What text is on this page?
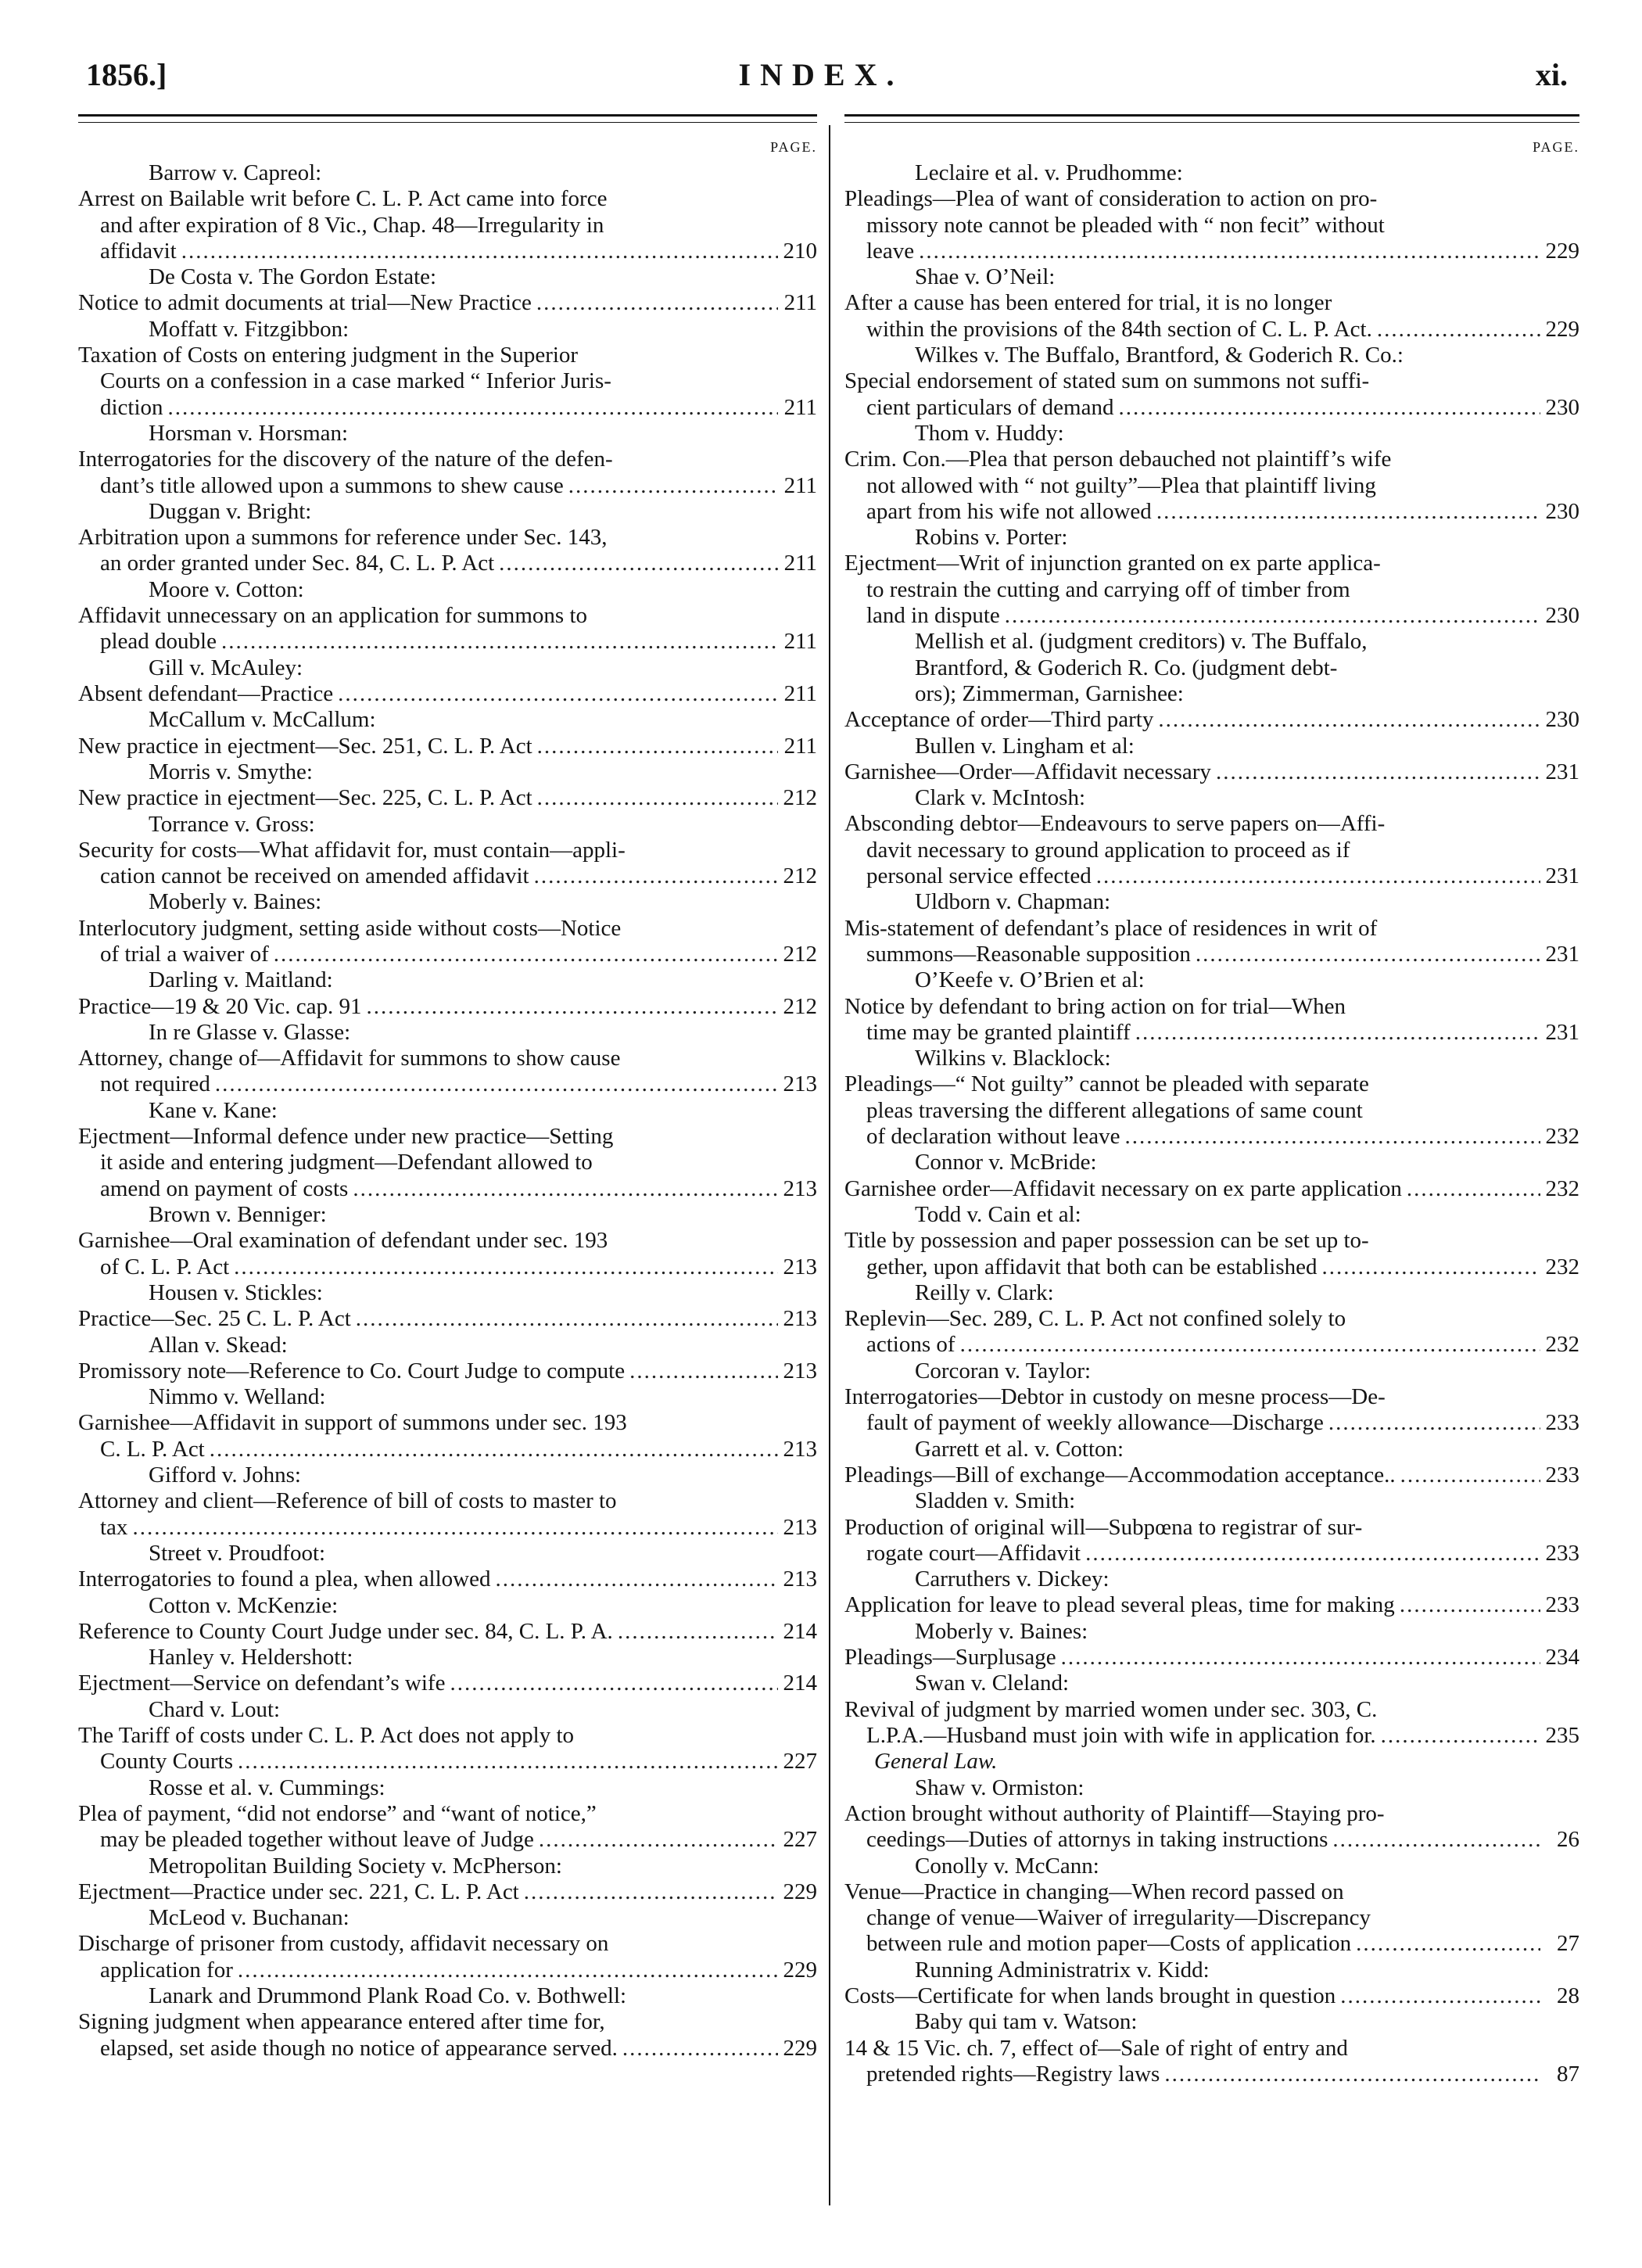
1856.]	INDEX.	xi.
PAGE.
Barrow v. Capreol:
Arrest on Bailable writ before C. L. P. Act came into force
and after expiration of 8 Vic., Chap. 48—Irregularity in
affidavit .....	210
De Costa v. The Gordon Estate:
Notice to admit documents at trial—New Practice .....	211
Moffatt v. Fitzgibbon:
Taxation of Costs on entering judgment in the Superior
Courts on a confession in a case marked “ Inferior Juris-
diction .....	211
Horsman v. Horsman:
Interrogatories for the discovery of the nature of the defen-
dant’s title allowed upon a summons to shew cause .....	211
Duggan v. Bright:
Arbitration upon a summons for reference under Sec. 143,
an order granted under Sec. 84, C. L. P. Act .....	211
Moore v. Cotton:
Affidavit unnecessary on an application for summons to
plead double .....	211
Gill v. McAuley:
Absent defendant—Practice .....	211
McCallum v. McCallum:
New practice in ejectment—Sec. 251, C. L. P. Act .....	211
Morris v. Smythe:
New practice in ejectment—Sec. 225, C. L. P. Act .....	212
Torrance v. Gross:
Security for costs—What affidavit for, must contain—appli-
cation cannot be received on amended affidavit .....	212
Moberly v. Baines:
Interlocutory judgment, setting aside without costs—Notice
of trial a waiver of .....	212
Darling v. Maitland:
Practice—19 & 20 Vic. cap. 91 .....	212
In re Glasse v. Glasse:
Attorney, change of—Affidavit for summons to show cause
not required .....	213
Kane v. Kane:
Ejectment—Informal defence under new practice—Setting
it aside and entering judgment—Defendant allowed to
amend on payment of costs .....	213
Brown v. Benniger:
Garnishee—Oral examination of defendant under sec. 193
of C. L. P. Act .....	213
Housen v. Stickles:
Practice—Sec. 25 C. L. P. Act .....	213
Allan v. Skead:
Promissory note—Reference to Co. Court Judge to compute .....	213
Nimmo v. Welland:
Garnishee—Affidavit in support of summons under sec. 193
C. L. P. Act .....	213
Gifford v. Johns:
Attorney and client—Reference of bill of costs to master to
tax .....	213
Street v. Proudfoot:
Interrogatories to found a plea, when allowed .....	213
Cotton v. McKenzie:
Reference to County Court Judge under sec. 84, C. L. P. A. .....	214
Hanley v. Heldershott:
Ejectment—Service on defendant’s wife .....	214
Chard v. Lout:
The Tariff of costs under C. L. P. Act does not apply to
County Courts .....	227
Rosse et al. v. Cummings:
Plea of payment, “did not endorse” and “want of notice,”
may be pleaded together without leave of Judge .....	227
Metropolitan Building Society v. McPherson:
Ejectment—Practice under sec. 221, C. L. P. Act .....	229
McLeod v. Buchanan:
Discharge of prisoner from custody, affidavit necessary on
application for .....	229
Lanark and Drummond Plank Road Co. v. Bothwell:
Signing judgment when appearance entered after time for,
elapsed, set aside though no notice of appearance served. .....	229
PAGE.
Leclaire et al. v. Prudhomme:
Pleadings—Plea of want of consideration to action on pro-
missory note cannot be pleaded with “ non fecit” without
leave .....	229
Shae v. O’Neil:
After a cause has been entered for trial, it is no longer
within the provisions of the 84th section of C. L. P. Act. .....	229
Wilkes v. The Buffalo, Brantford, & Goderich R. Co.:
Special endorsement of stated sum on summons not suffi-
cient particulars of demand .....	230
Thom v. Huddy:
Crim. Con.—Plea that person debauched not plaintiff’s wife
not allowed with “ not guilty”—Plea that plaintiff living
apart from his wife not allowed .....	230
Robins v. Porter:
Ejectment—Writ of injunction granted on ex parte applica-
to restrain the cutting and carrying off of timber from
land in dispute .....	230
Mellish et al. (judgment creditors) v. The Buffalo,
Brantford, & Goderich R. Co. (judgment debt-
ors); Zimmerman, Garnishee:
Acceptance of order—Third party .....	230
Bullen v. Lingham et al:
Garnishee—Order—Affidavit necessary .....	231
Clark v. McIntosh:
Absconding debtor—Endeavours to serve papers on—Affi-
davit necessary to ground application to proceed as if
personal service effected .....	231
Uldborn v. Chapman:
Mis-statement of defendant’s place of residences in writ of
summons—Reasonable supposition .....	231
O’Keefe v. O’Brien et al:
Notice by defendant to bring action on for trial—When
time may be granted plaintiff .....	231
Wilkins v. Blacklock:
Pleadings—“ Not guilty” cannot be pleaded with separate
pleas traversing the different allegations of same count
of declaration without leave .....	232
Connor v. McBride:
Garnishee order—Affidavit necessary on ex parte application .....	232
Todd v. Cain et al:
Title by possession and paper possession can be set up to-
gether, upon affidavit that both can be established .....	232
Reilly v. Clark:
Replevin—Sec. 289, C. L. P. Act not confined solely to
actions of .....	232
Corcoran v. Taylor:
Interrogatories—Debtor in custody on mesne process—De-
fault of payment of weekly allowance—Discharge .....	233
Garrett et al. v. Cotton:
Pleadings—Bill of exchange—Accommodation acceptance.. .....	233
Sladden v. Smith:
Production of original will—Subpœna to registrar of sur-
rogate court—Affidavit .....	233
Carruthers v. Dickey:
Application for leave to plead several pleas, time for making .....	233
Moberly v. Baines:
Pleadings—Surplusage .....	234
Swan v. Cleland:
Revival of judgment by married women under sec. 303, C.
L.P.A.—Husband must join with wife in application for. .....	235
General Law.
Shaw v. Ormiston:
Action brought without authority of Plaintiff—Staying pro-
ceedings—Duties of attornys in taking instructions .....	26
Conolly v. McCann:
Venue—Practice in changing—When record passed on
change of venue—Waiver of irregularity—Discrepancy
between rule and motion paper—Costs of application .....	27
Running Administratrix v. Kidd:
Costs—Certificate for when lands brought in question .....	28
Baby qui tam v. Watson:
14 & 15 Vic. ch. 7, effect of—Sale of right of entry and
pretended rights—Registry laws .....	87
